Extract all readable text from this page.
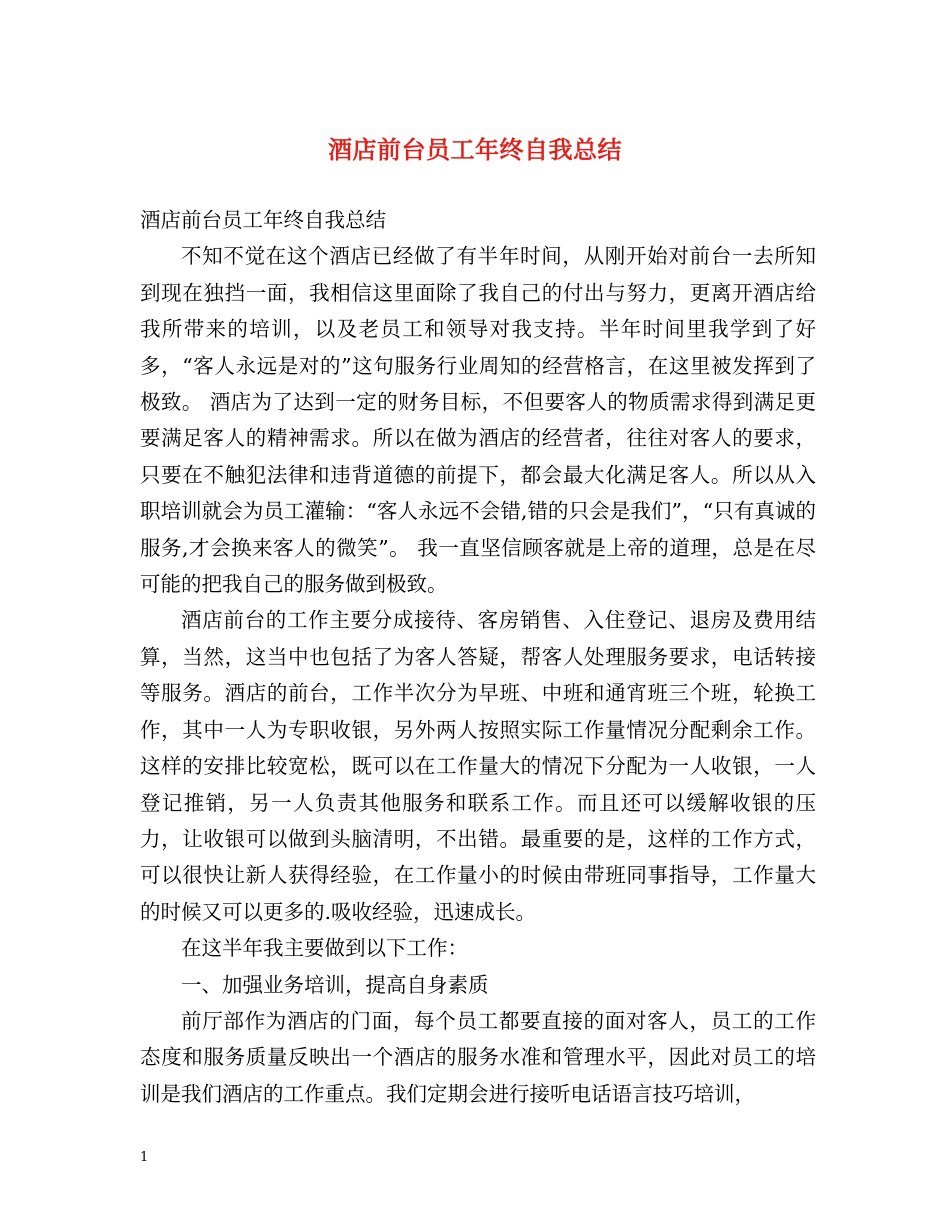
酒店前台员工年终自我总结

酒店前台员工年终自我总结

不知不觉在这个酒店已经做了有半年时间，从刚开始对前台一去所知到现在独挡一面，我相信这里面除了我自己的付出与努力，更离开酒店给我所带来的培训，以及老员工和领导对我支持。半年时间里我学到了好多，“客人永远是对的”这句服务行业周知的经营格言，在这里被发挥到了极致。 酒店为了达到一定的财务目标，不但要客人的物质需求得到满足更要满足客人的精神需求。所以在做为酒店的经营者，往往对客人的要求，只要在不触犯法律和违背道德的前提下，都会最大化满足客人。所以从入职培训就会为员工灌输：“客人永远不会错,错的只会是我们”，“只有真诚的服务,才会换来客人的微笑”。 我一直坚信顾客就是上帝的道理，总是在尽可能的把我自己的服务做到极致。

酒店前台的工作主要分成接待、客房销售、入住登记、退房及费用结算，当然，这当中也包括了为客人答疑，帮客人处理服务要求，电话转接等服务。酒店的前台，工作半次分为早班、中班和通宵班三个班，轮换工作，其中一人为专职收银，另外两人按照实际工作量情况分配剩余工作。这样的安排比较宽松，既可以在工作量大的情况下分配为一人收银，一人登记推销，另一人负责其他服务和联系工作。而且还可以缓解收银的压力，让收银可以做到头脑清明，不出错。最重要的是，这样的工作方式，可以很快让新人获得经验，在工作量小的时候由带班同事指导，工作量大的时候又可以更多的.吸收经验，迅速成长。

在这半年我主要做到以下工作：

一、加强业务培训，提高自身素质

前厅部作为酒店的门面，每个员工都要直接的面对客人，员工的工作态度和服务质量反映出一个酒店的服务水准和管理水平，因此对员工的培训是我们酒店的工作重点。我们定期会进行接听电话语言技巧培训，

1
